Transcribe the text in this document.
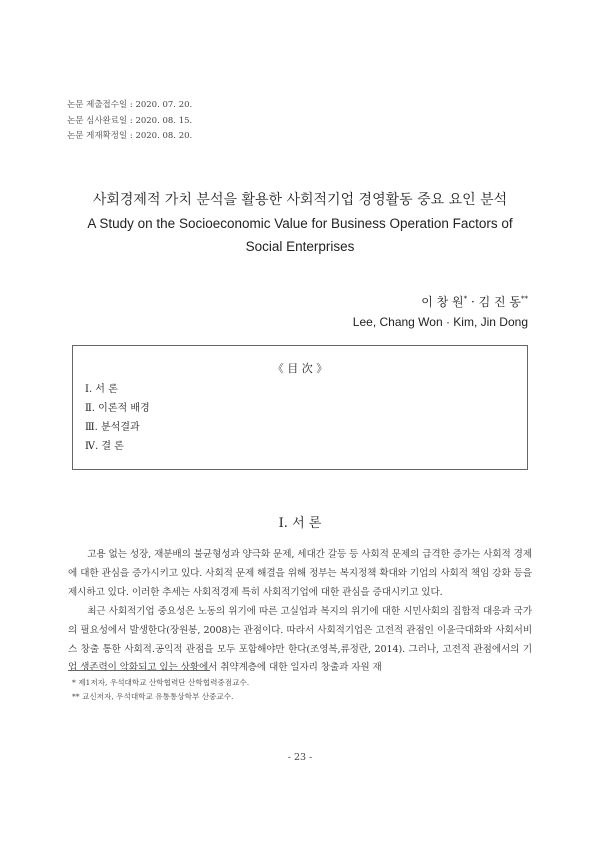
논문 제출접수일 : 2020. 07. 20.
논문 심사완료일 : 2020. 08. 15.
논문 게재확정일 : 2020. 08. 20.
사회경제적 가치 분석을 활용한 사회적기업 경영활동 중요 요인 분석
A Study on the Socioeconomic Value for Business Operation Factors of
Social Enterprises
이 창 원* · 김 진 동**
Lee, Chang Won · Kim, Jin Dong
《 目 次 》
Ⅰ. 서 론
Ⅱ. 이론적 배경
Ⅲ. 분석결과
Ⅳ. 결 론
Ⅰ. 서 론

고용 없는 성장, 재분배의 불균형성과 양극화 문제, 세대간 갈등 등 사회적 문제의 급격한 증가는 사회적 경제에 대한 관심을 증가시키고 있다. 사회적 문제 해결을 위해 정부는 복지정책 확대와 기업의 사회적 책임 강화 등을 제시하고 있다. 이러한 추세는 사회적경제 특히 사회적기업에 대한 관심을 증대시키고 있다.

최근 사회적기업 중요성은 노동의 위기에 따른 고실업과 복지의 위기에 대한 시민사회의 집합적 대응과 국가의 필요성에서 발생한다(장원봉, 2008)는 관점이다. 따라서 사회적기업은 고전적 관점인 이윤극대화와 사회서비스 창출 통한 사회적․공익적 관점을 모두 포함해야만 한다(조영복,류정란, 2014). 그러나, 고전적 관점에서의 기업 생존력이 악화되고 있는 상황에서 취약계층에 대한 일자리 창출과 자원 재

* 제1저자, 우석대학교 산학협력단 산학협력중점교수.
** 교신저자, 우석대학교 유통통상학부 산중교수.
- 23 -
